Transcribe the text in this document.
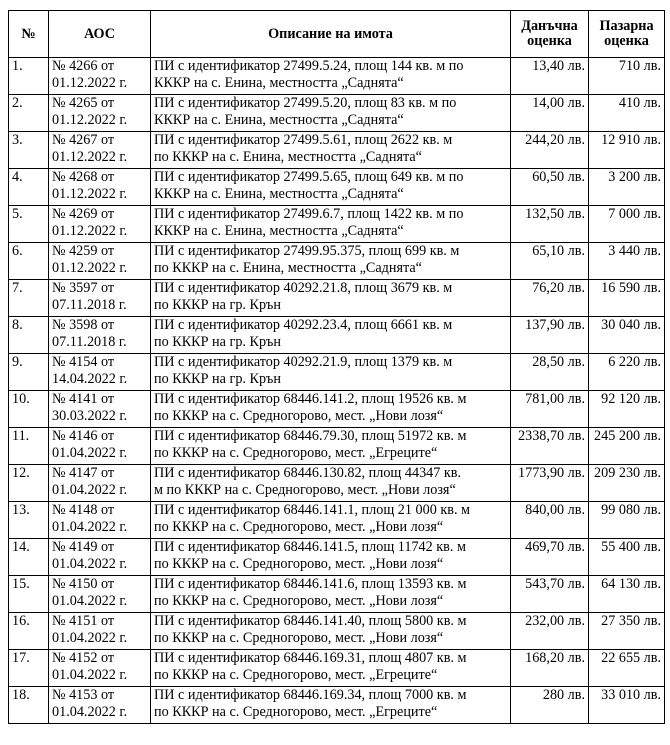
№	АОС	Описание на имота	Данъчна
оценка	Пазарна
оценка

1.	№ 4266 от
01.12.2022 г.	ПИ с идентификатор 27499.5.24, площ 144 кв. м по
КККР на с. Енина, местността „Саднята“	13,40 лв.	710 лв.
2.	№ 4265 от
01.12.2022 г.	ПИ с идентификатор 27499.5.20, площ 83 кв. м по
КККР на с. Енина, местността „Саднята“	14,00 лв.	410 лв.
3.	№ 4267 от
01.12.2022 г.	ПИ с идентификатор 27499.5.61, площ 2622 кв. м
по КККР на с. Енина, местността „Саднята“	244,20 лв.	12 910 лв.
4.	№ 4268 от
01.12.2022 г.	ПИ с идентификатор 27499.5.65, площ 649 кв. м по
КККР на с. Енина, местността „Саднята“	60,50 лв.	3 200 лв.
5.	№ 4269 от
01.12.2022 г.	ПИ с идентификатор 27499.6.7, площ 1422 кв. м по
КККР на с. Енина, местността „Саднята“	132,50 лв.	7 000 лв.
6.	№ 4259 от
01.12.2022 г.	ПИ с идентификатор 27499.95.375, площ 699 кв. м
по КККР на с. Енина, местността „Саднята“	65,10 лв.	3 440 лв.
7.	№ 3597 от
07.11.2018 г.	ПИ с идентификатор 40292.21.8, площ 3679 кв. м
по КККР на гр. Крън	76,20 лв.	16 590 лв.
8.	№ 3598 от
07.11.2018 г.	ПИ с идентификатор 40292.23.4, площ 6661 кв. м
по КККР на гр. Крън	137,90 лв.	30 040 лв.
9.	№ 4154 от
14.04.2022 г.	ПИ с идентификатор 40292.21.9, площ 1379 кв. м
по КККР на гр. Крън	28,50 лв.	6 220 лв.
10.	№ 4141 от
30.03.2022 г.	ПИ с идентификатор 68446.141.2, площ 19526 кв. м
по КККР на с. Средногорово, мест. „Нови лозя“	781,00 лв.	92 120 лв.
11.	№ 4146 от
01.04.2022 г.	ПИ с идентификатор 68446.79.30, площ 51972 кв. м
по КККР на с. Средногорово, мест. „Егреците“	2338,70 лв.	245 200 лв.
12.	№ 4147 от
01.04.2022 г.	ПИ с идентификатор 68446.130.82, площ 44347 кв.
м по КККР на с. Средногорово, мест. „Нови лозя“	1773,90 лв.	209 230 лв.
13.	№ 4148 от
01.04.2022 г.	ПИ с идентификатор 68446.141.1, площ 21 000 кв. м
по КККР на с. Средногорово, мест. „Нови лозя“	840,00 лв.	99 080 лв.
14.	№ 4149 от
01.04.2022 г.	ПИ с идентификатор 68446.141.5, площ 11742 кв. м
по КККР на с. Средногорово, мест. „Нови лозя“	469,70 лв.	55 400 лв.
15.	№ 4150 от
01.04.2022 г.	ПИ с идентификатор 68446.141.6, площ 13593 кв. м
по КККР на с. Средногорово, мест. „Нови лозя“	543,70 лв.	64 130 лв.
16.	№ 4151 от
01.04.2022 г.	ПИ с идентификатор 68446.141.40, площ 5800 кв. м
по КККР на с. Средногорово, мест. „Нови лозя“	232,00 лв.	27 350 лв.
17.	№ 4152 от
01.04.2022 г.	ПИ с идентификатор 68446.169.31, площ 4807 кв. м
по КККР на с. Средногорово, мест. „Егреците“	168,20 лв.	22 655 лв.
18.	№ 4153 от
01.04.2022 г.	ПИ с идентификатор 68446.169.34, площ 7000 кв. м
по КККР на с. Средногорово, мест. „Егреците“	280 лв.	33 010 лв.
